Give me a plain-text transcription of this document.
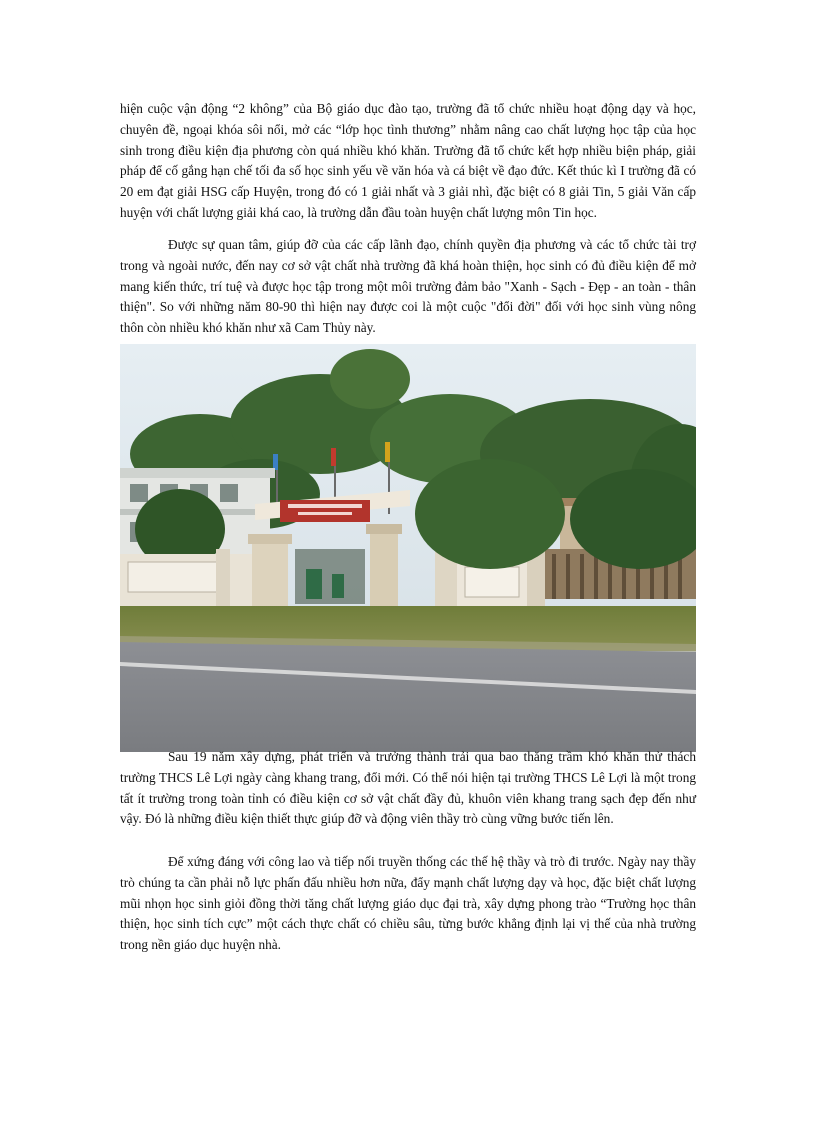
hiện cuộc vận động “2 không” của Bộ giáo dục đào tạo, trường đã tổ chức nhiều hoạt động dạy và học, chuyên đề, ngoại khóa sôi nổi, mở các “lớp học tình thương” nhằm nâng cao chất lượng học tập của học sinh trong điều kiện địa phương còn quá nhiều khó khăn. Trường đã tổ chức kết hợp nhiều biện pháp, giải pháp để cố gắng hạn chế tối đa số học sinh yếu về văn hóa và cá biệt về đạo đức. Kết thúc kì I trường đã có 20 em đạt giải HSG cấp Huyện, trong đó có 1 giải nhất và 3 giải nhì, đặc biệt có 8 giải Tin, 5 giải Văn cấp huyện với chất lượng giải khá cao, là trường dẫn đầu toàn huyện chất lượng môn Tin học.

Được sự quan tâm, giúp đỡ của các cấp lãnh đạo, chính quyền địa phương và các tổ chức tài trợ trong và ngoài nước, đến nay cơ sở vật chất nhà trường đã khá hoàn thiện, học sinh có đủ điều kiện để mở mang kiến thức, trí tuệ và được học tập trong một môi trường đảm bảo "Xanh - Sạch - Đẹp - an toàn - thân thiện". So với những năm 80-90 thì hiện nay được coi là một cuộc "đổi đời" đối với học sinh vùng nông thôn còn nhiều khó khăn như xã Cam Thủy này.

Sau 19 năm xây dựng, phát triển và trưởng thành trải qua bao thăng trầm khó khăn thử thách trường THCS Lê Lợi ngày càng khang trang, đổi mới. Có thể nói hiện tại trường THCS Lê Lợi là một trong tất ít trường trong toàn tỉnh có điều kiện cơ sở vật chất đầy đủ, khuôn viên khang trang sạch đẹp đến như vậy. Đó là những điều kiện thiết thực giúp đỡ và động viên thầy trò cùng vững bước tiến lên.

Để xứng đáng với công lao và tiếp nối truyền thống các thế hệ thầy và trò đi trước. Ngày nay thầy trò chúng ta cần phải nỗ lực phấn đấu nhiều hơn nữa, đẩy mạnh chất lượng dạy và học, đặc biệt chất lượng mũi nhọn học sinh giỏi đồng thời tăng chất lượng giáo dục đại trà, xây dựng phong trào “Trường học thân thiện, học sinh tích cực” một cách thực chất có chiều sâu, từng bước khẳng định lại vị thế của nhà trường trong nền giáo dục huyện nhà.
